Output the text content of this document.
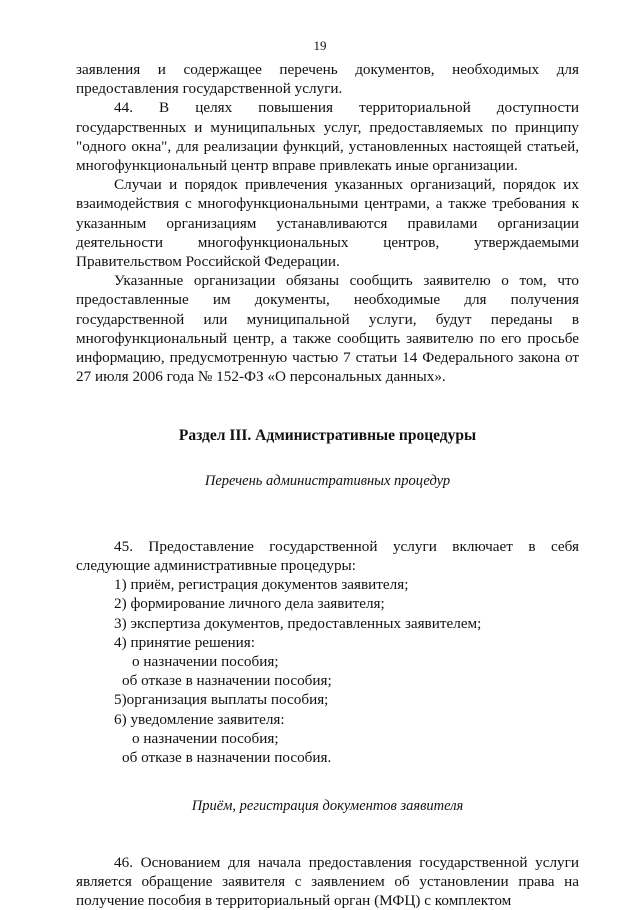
19

заявления и содержащее перечень документов, необходимых для предоставления государственной услуги.

44. В целях повышения территориальной доступности государственных и муниципальных услуг, предоставляемых по принципу "одного окна", для реализации функций, установленных настоящей статьей, многофункциональный центр вправе привлекать иные организации.

Случаи и порядок привлечения указанных организаций, порядок их взаимодействия с многофункциональными центрами, а также требования к указанным организациям устанавливаются правилами организации деятельности многофункциональных центров, утверждаемыми Правительством Российской Федерации.

Указанные организации обязаны сообщить заявителю о том, что предоставленные им документы, необходимые для получения государственной или муниципальной услуги, будут переданы в многофункциональный центр, а также сообщить заявителю по его просьбе информацию, предусмотренную частью 7 статьи 14 Федерального закона от 27 июля 2006 года № 152-ФЗ «О персональных данных».

Раздел III. Административные процедуры
Перечень административных процедур

45. Предоставление государственной услуги включает в себя следующие административные процедуры:

1) приём, регистрация документов заявителя;
2) формирование личного дела заявителя;
3) экспертиза документов, предоставленных заявителем;
4) принятие решения:
о назначении пособия;
об отказе в назначении пособия;
5)организация выплаты пособия;
6) уведомление заявителя:
о назначении пособия;
об отказе в назначении пособия.
Приём, регистрация документов заявителя

46. Основанием для начала предоставления государственной услуги является обращение заявителя с заявлением об установлении права на получение пособия в территориальный орган (МФЦ) с комплектом
